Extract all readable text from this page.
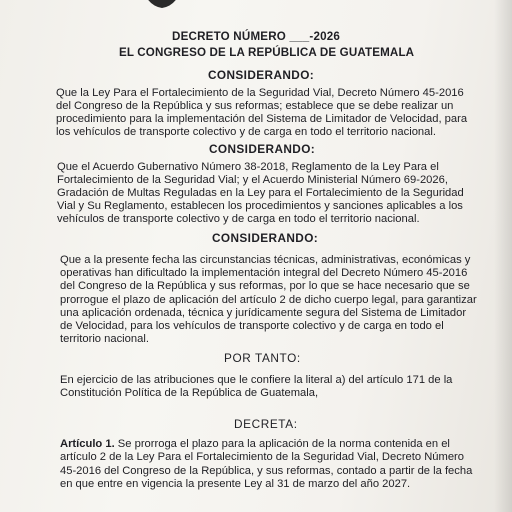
DECRETO NÚMERO ___-2026

EL CONGRESO DE LA REPÚBLICA DE GUATEMALA

CONSIDERANDO:

Que la Ley Para el Fortalecimiento de la Seguridad Vial, Decreto Número 45-2016
del Congreso de la República y sus reformas; establece que se debe realizar un
procedimiento para la implementación del Sistema de Limitador de Velocidad, para
los vehículos de transporte colectivo y de carga en todo el territorio nacional.

CONSIDERANDO:

Que el Acuerdo Gubernativo Número 38-2018, Reglamento de la Ley Para el
Fortalecimiento de la Seguridad Vial; y el Acuerdo Ministerial Número 69-2026,
Gradación de Multas Reguladas en la Ley para el Fortalecimiento de la Seguridad
Vial y Su Reglamento, establecen los procedimientos y sanciones aplicables a los
vehículos de transporte colectivo y de carga en todo el territorio nacional.

CONSIDERANDO:

Que a la presente fecha las circunstancias técnicas, administrativas, económicas y
operativas han dificultado la implementación integral del Decreto Número 45-2016
del Congreso de la República y sus reformas, por lo que se hace necesario que se
prorrogue el plazo de aplicación del artículo 2 de dicho cuerpo legal, para garantizar
una aplicación ordenada, técnica y jurídicamente segura del Sistema de Limitador
de Velocidad, para los vehículos de transporte colectivo y de carga en todo el
territorio nacional.

POR TANTO:

En ejercicio de las atribuciones que le confiere la literal a) del artículo 171 de la
Constitución Política de la República de Guatemala,

DECRETA:

Artículo 1. Se prorroga el plazo para la aplicación de la norma contenida en el
artículo 2 de la Ley Para el Fortalecimiento de la Seguridad Vial, Decreto Número
45-2016 del Congreso de la República, y sus reformas, contado a partir de la fecha
en que entre en vigencia la presente Ley al 31 de marzo del año 2027.
